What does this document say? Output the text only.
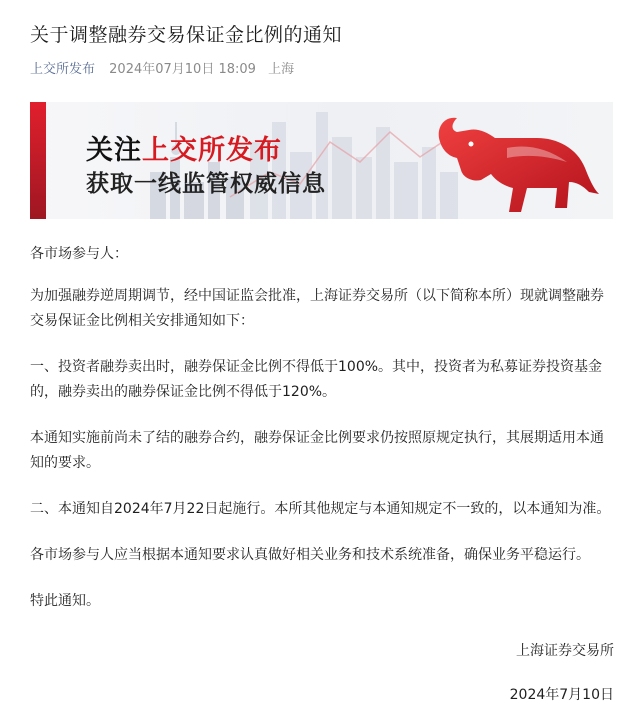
关于调整融券交易保证金比例的通知
上交所发布 2024年07月10日 18:09 上海
关注上交所发布
获取一线监管权威信息

各市场参与人：

为加强融券逆周期调节，经中国证监会批准，上海证券交易所（以下简称本所）现就调整融券交易保证金比例相关安排通知如下：

一、投资者融券卖出时，融券保证金比例不得低于100%。其中，投资者为私募证券投资基金的，融券卖出的融券保证金比例不得低于120%。

本通知实施前尚未了结的融券合约，融券保证金比例要求仍按照原规定执行，其展期适用本通知的要求。

二、本通知自2024年7月22日起施行。本所其他规定与本通知规定不一致的，以本通知为准。

各市场参与人应当根据本通知要求认真做好相关业务和技术系统准备，确保业务平稳运行。

特此通知。

上海证券交易所
2024年7月10日
